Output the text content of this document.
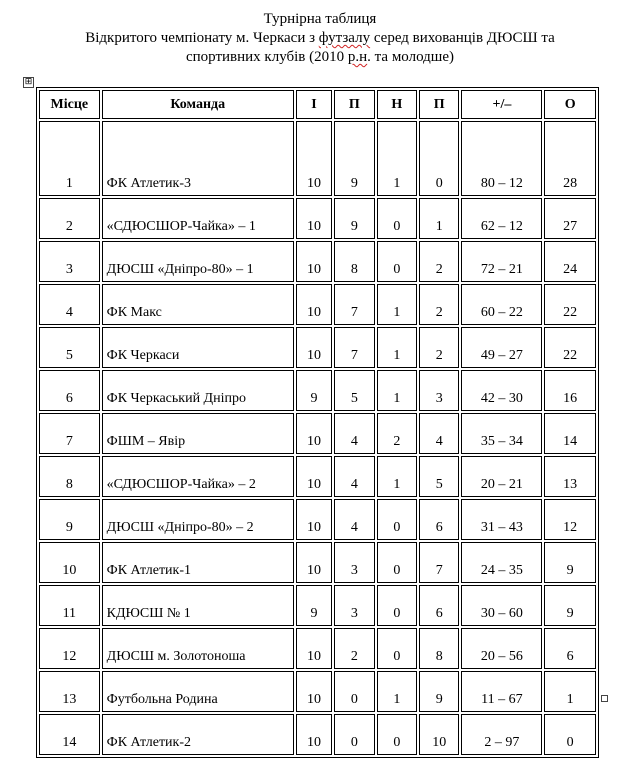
Турнірна таблиця
Відкритого чемпіонату м. Черкаси з футзалу серед вихованців ДЮСШ та
спортивних клубів (2010 р.н. та молодше)
⊞
Місце	Команда	І	П	Н	П	+/–	О
1	ФК Атлетик-3	10	9	1	0	80 – 12	28
2	«СДЮСШОР-Чайка» – 1	10	9	0	1	62 – 12	27
3	ДЮСШ «Дніпро-80» – 1	10	8	0	2	72 – 21	24
4	ФК Макс	10	7	1	2	60 – 22	22
5	ФК Черкаси	10	7	1	2	49 – 27	22
6	ФК Черкаський Дніпро	9	5	1	3	42 – 30	16
7	ФШМ – Явір	10	4	2	4	35 – 34	14
8	«СДЮСШОР-Чайка» – 2	10	4	1	5	20 – 21	13
9	ДЮСШ «Дніпро-80» – 2	10	4	0	6	31 – 43	12
10	ФК Атлетик-1	10	3	0	7	24 – 35	9
11	КДЮСШ № 1	9	3	0	6	30 – 60	9
12	ДЮСШ м. Золотоноша	10	2	0	8	20 – 56	6
13	Футбольна Родина	10	0	1	9	11 – 67	1
14	ФК Атлетик-2	10	0	0	10	2 – 97	0
